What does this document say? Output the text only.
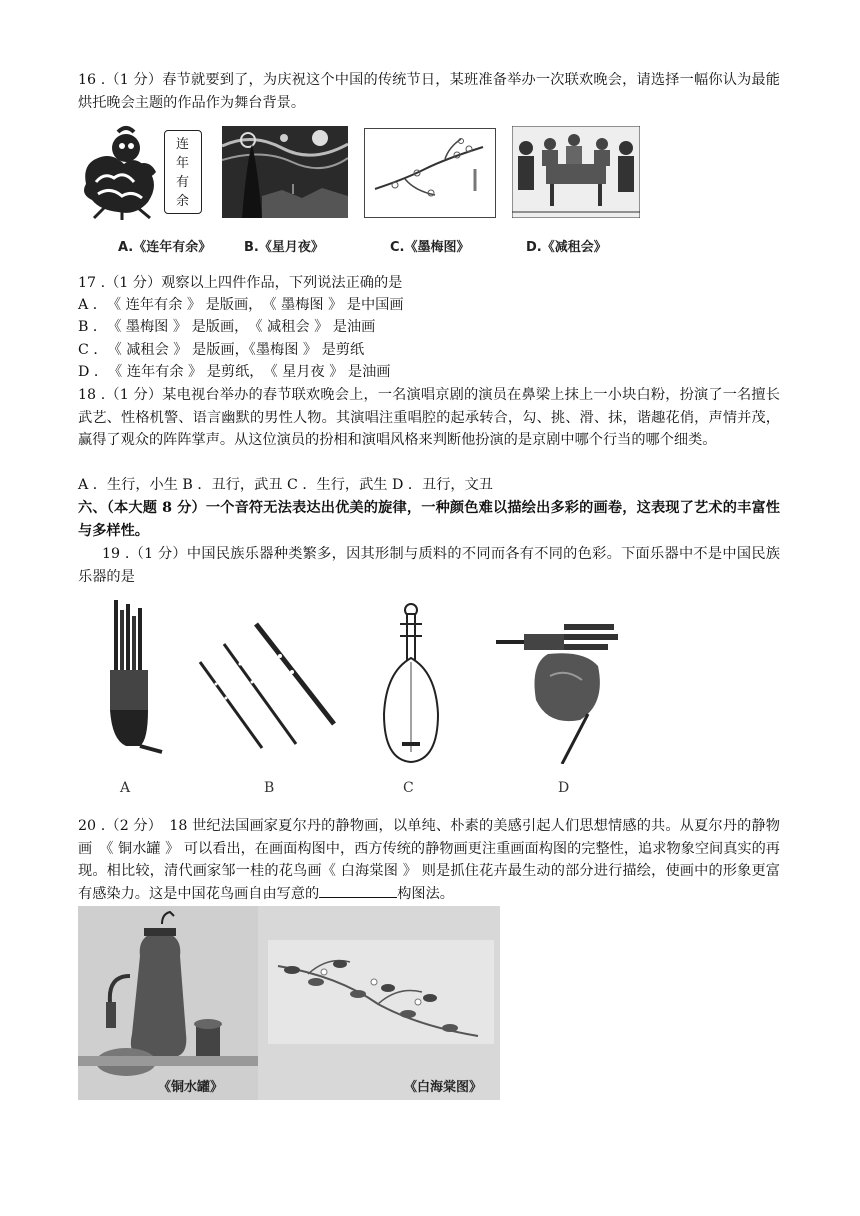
16 .（1 分）春节就要到了，为庆祝这个中国的传统节日，某班准备举办一次联欢晚会，请选择一幅你认为最能烘托晚会主题的作品作为舞台背景。

连
年
有
余
A.《连年有余》	B.《星月夜》	C.《墨梅图》	D.《减租会》

17 .（1 分）观察以上四件作品，下列说法正确的是

A ．　《 连年有余 》 是版画，　《 墨梅图 》 是中国画

B ．　《 墨梅图 》 是版画，　《 减租会 》 是油画

C ．　《 减租会 》 是版画，《墨梅图 》 是剪纸

D ．　《 连年有余 》 是剪纸，　《 星月夜 》 是油画

18 .（1 分）某电视台举办的春节联欢晚会上，一名演唱京剧的演员在鼻梁上抹上一小块白粉，扮演了一名擅长武艺、性格机警、语言幽默的男性人物。其演唱注重唱腔的起承转合，勾、挑、滑、抹，谐趣花俏，声情并茂，赢得了观众的阵阵掌声。从这位演员的扮相和演唱风格来判断他扮演的是京剧中哪个行当的哪个细类。

A ．生行，小生 B ．丑行，武丑 C ．生行，武生 D ．丑行，文丑

六、（本大题 8 分）一个音符无法表达出优美的旋律，一种颜色难以描绘出多彩的画卷，这表现了艺术的丰富性与多样性。

19 .（1 分）中国民族乐器种类繁多，因其形制与质料的不同而各有不同的色彩。下面乐器中不是中国民族乐器的是

A	B	C	D

20 .（2 分）　18 世纪法国画家夏尔丹的静物画，以单纯、朴素的美感引起人们思想情感的共。从夏尔丹的静物画　《 铜水罐 》 可以看出，在画面构图中，西方传统的静物画更注重画面构图的完整性，追求物象空间真实的再现。相比较，清代画家邹一桂的花鸟画《 白海棠图 》 则是抓住花卉最生动的部分进行描绘，使画中的形象更富有感染力。这是中国花鸟画自由写意的	构图法。

《铜水罐》	《白海棠图》
